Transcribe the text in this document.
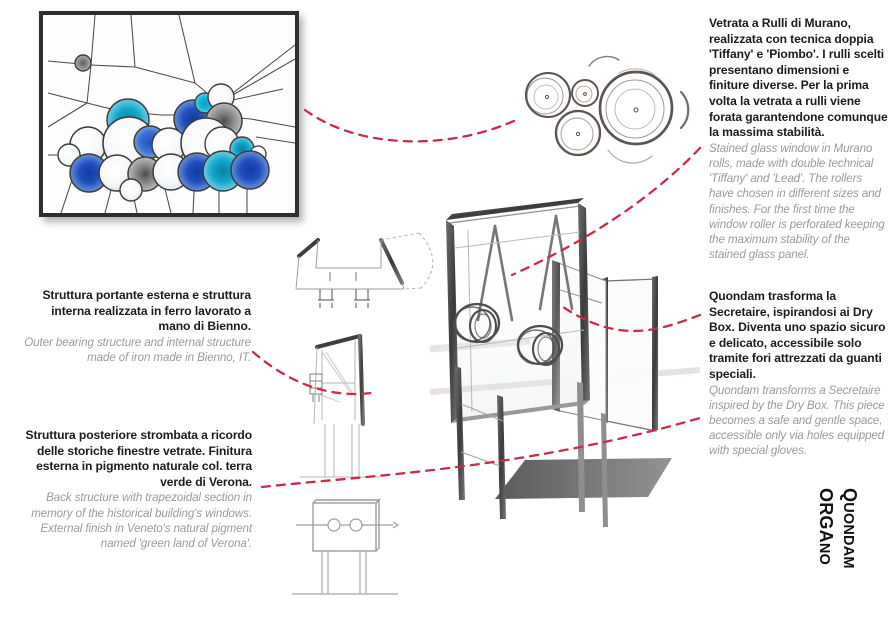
Vetrata a Rulli di Murano, realizzata con tecnica doppia 'Tiffany' e 'Piombo'. I rulli scelti presentano dimensioni e finiture diverse. Per la prima volta la vetrata a rulli viene forata garantendone comunque la massima stabilità.
Stained glass window in Murano rolls, made with double technical 'Tiffany' and 'Lead'. The rollers have chosen in different sizes and finishes. For the first time the window roller is perforated keeping the maximum stability of the stained glass panel.
Struttura portante esterna e struttura interna realizzata in ferro lavorato a mano di Bienno.
Outer bearing structure and internal structure made of iron made in Bienno, IT.
Quondam trasforma la Secretaire, ispirandosi ai Dry Box. Diventa uno spazio sicuro e delicato, accessibile solo tramite fori attrezzati da guanti speciali.
Quondam transforms a Secretaire inspired by the Dry Box. This piece becomes a safe and gentle space, accessible only via holes equipped with special gloves.
Struttura posteriore strombata a ricordo delle storiche finestre vetrate. Finitura esterna in pigmento naturale col. terra verde di Verona.
Back structure with trapezoidal section in memory of the historical building's windows. External finish in Veneto's natural pigment named 'green land of Verona'.
ORGANO
QUONDAM
